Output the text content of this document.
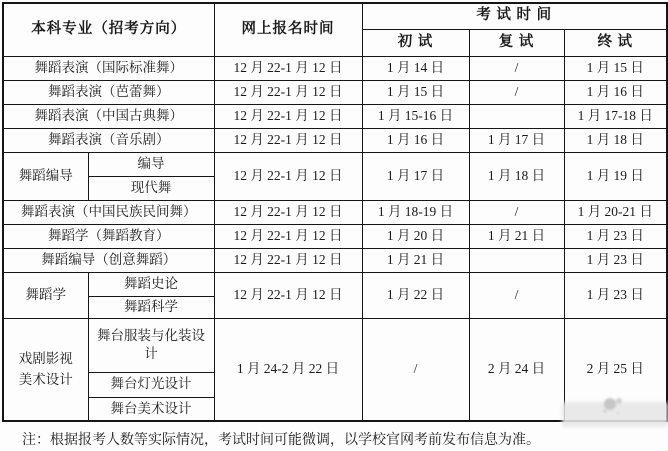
本科专业（招考方向）		网上报名时间	考 试 时 间		
			初 试	复 试	终 试
舞蹈表演（国际标准舞）		12 月 22-1 月 12 日	1 月 14 日	/	1 月 15 日
舞蹈表演（芭蕾舞）		12 月 22-1 月 12 日	1 月 15 日	/	1 月 16 日
舞蹈表演（中国古典舞）		12 月 22-1 月 12 日	1 月 15-16 日		1 月 17-18 日
舞蹈表演（音乐剧）		12 月 22-1 月 12 日	1 月 16 日	1 月 17 日	1 月 18 日
舞蹈编导	编导	12 月 22-1 月 12 日	1 月 17 日	1 月 18 日	1 月 19 日
	现代舞				
舞蹈表演（中国民族民间舞）		12 月 22-1 月 12 日	1 月 18-19 日	/	1 月 20-21 日
舞蹈学（舞蹈教育）		12 月 22-1 月 12 日	1 月 20 日	1 月 21 日	1 月 23 日
舞蹈编导（创意舞蹈）		12 月 22-1 月 12 日	1 月 21 日		1 月 23 日
舞蹈学	舞蹈史论	12 月 22-1 月 12 日	1 月 22 日	/	1 月 23 日
	舞蹈科学				
戏剧影视美术设计	舞台服装与化装设计	1 月 24-2 月 22 日	/	2 月 24 日	2 月 25 日
	舞台灯光设计				
	舞台美术设计				
注：根据报考人数等实际情况，考试时间可能微调，以学校官网考前发布信息为准。
